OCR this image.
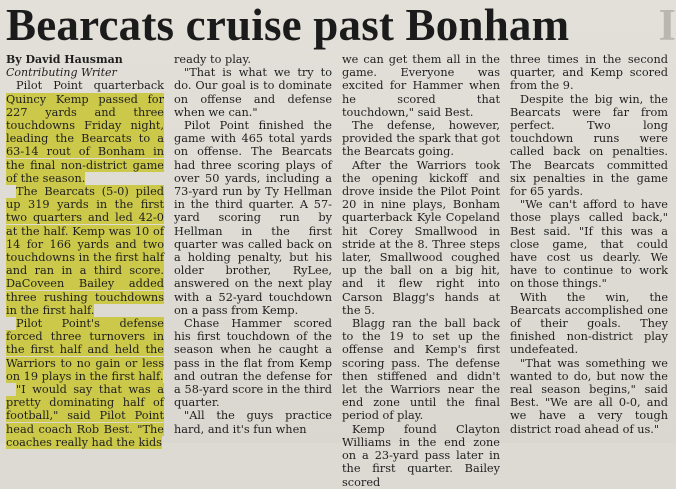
Bearcats cruise past Bonham	I
By David Hausman
Contributing Writer

Pilot Point quarterback Quincy Kemp passed for 227 yards and three touchdowns Friday night, leading the Bearcats to a 63-14 rout of Bonham in the final non-district game of the season.

The Bearcats (5-0) piled up 319 yards in the first two quarters and led 42-0 at the half. Kemp was 10 of 14 for 166 yards and two touchdowns in the first half and ran in a third score. DaCoveen Bailey added three rushing touchdowns in the first half.

Pilot Point's defense forced three turnovers in the first half and held the Warriors to no gain or less on 19 plays in the first half.

"I would say that was a pretty dominating half of football," said Pilot Point head coach Rob Best. "The coaches really had the kids

ready to play.

"That is what we try to do. Our goal is to dominate on offense and defense when we can."

Pilot Point finished the game with 465 total yards on offense. The Bearcats had three scoring plays of over 50 yards, including a 73-yard run by Ty Hellman in the third quarter. A 57-yard scoring run by Hellman in the first quarter was called back on a holding penalty, but his older brother, RyLee, answered on the next play with a 52-yard touchdown on a pass from Kemp.

Chase Hammer scored his first touchdown of the season when he caught a pass in the flat from Kemp and outran the defense for a 58-yard score in the third quarter.

"All the guys practice hard, and it's fun when

we can get them all in the game. Everyone was excited for Hammer when he scored that touchdown," said Best.

The defense, however, provided the spark that got the Bearcats going.

After the Warriors took the opening kickoff and drove inside the Pilot Point 20 in nine plays, Bonham quarterback Kyle Copeland hit Corey Smallwood in stride at the 8. Three steps later, Smallwood coughed up the ball on a big hit, and it flew right into Carson Blagg's hands at the 5.

Blagg ran the ball back to the 19 to set up the offense and Kemp's first scoring pass. The defense then stiffened and didn't let the Warriors near the end zone until the final period of play.

Kemp found Clayton Williams in the end zone on a 23-yard pass later in the first quarter. Bailey scored

three times in the second quarter, and Kemp scored from the 9.

Despite the big win, the Bearcats were far from perfect. Two long touchdown runs were called back on penalties. The Bearcats committed six penalties in the game for 65 yards.

"We can't afford to have those plays called back," Best said. "If this was a close game, that could have cost us dearly. We have to continue to work on those things."

With the win, the Bearcats accomplished one of their goals. They finished non-district play undefeated.

"That was something we wanted to do, but now the real season begins," said Best. "We are all 0-0, and we have a very tough district road ahead of us."
